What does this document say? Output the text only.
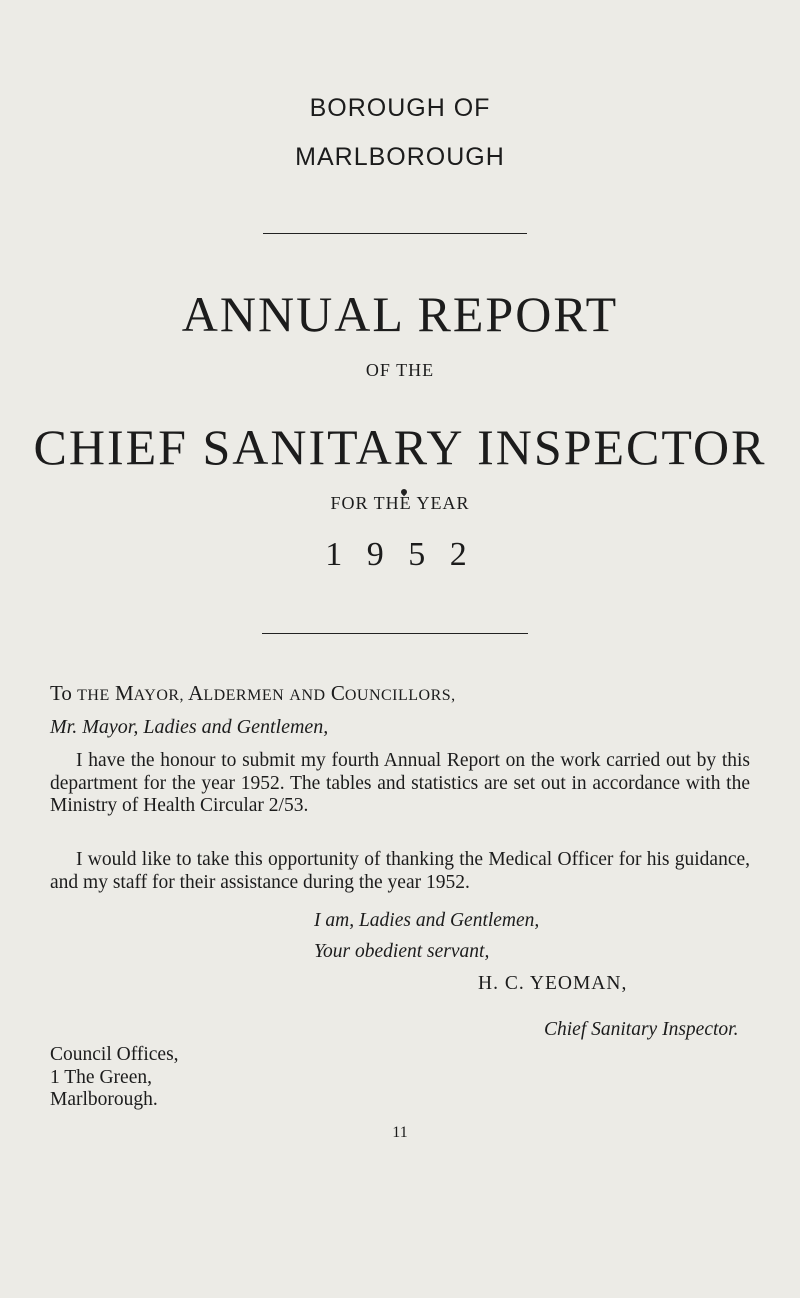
BOROUGH OF
MARLBOROUGH
ANNUAL REPORT
OF THE
CHIEF SANITARY INSPECTOR
FOR THE YEAR
1 9 5 2
To THE MAYOR, ALDERMEN AND COUNCILLORS,
Mr. Mayor, Ladies and Gentlemen,
I have the honour to submit my fourth Annual Report on the work carried out by this department for the year 1952. The tables and statistics are set out in accordance with the Ministry of Health Circular 2/53.
I would like to take this opportunity of thanking the Medical Officer for his guidance, and my staff for their assistance during the year 1952.
I am, Ladies and Gentlemen,
Your obedient servant,
H. C. YEOMAN,
Chief Sanitary Inspector.
Council Offices,
1 The Green,
Marlborough.
11
